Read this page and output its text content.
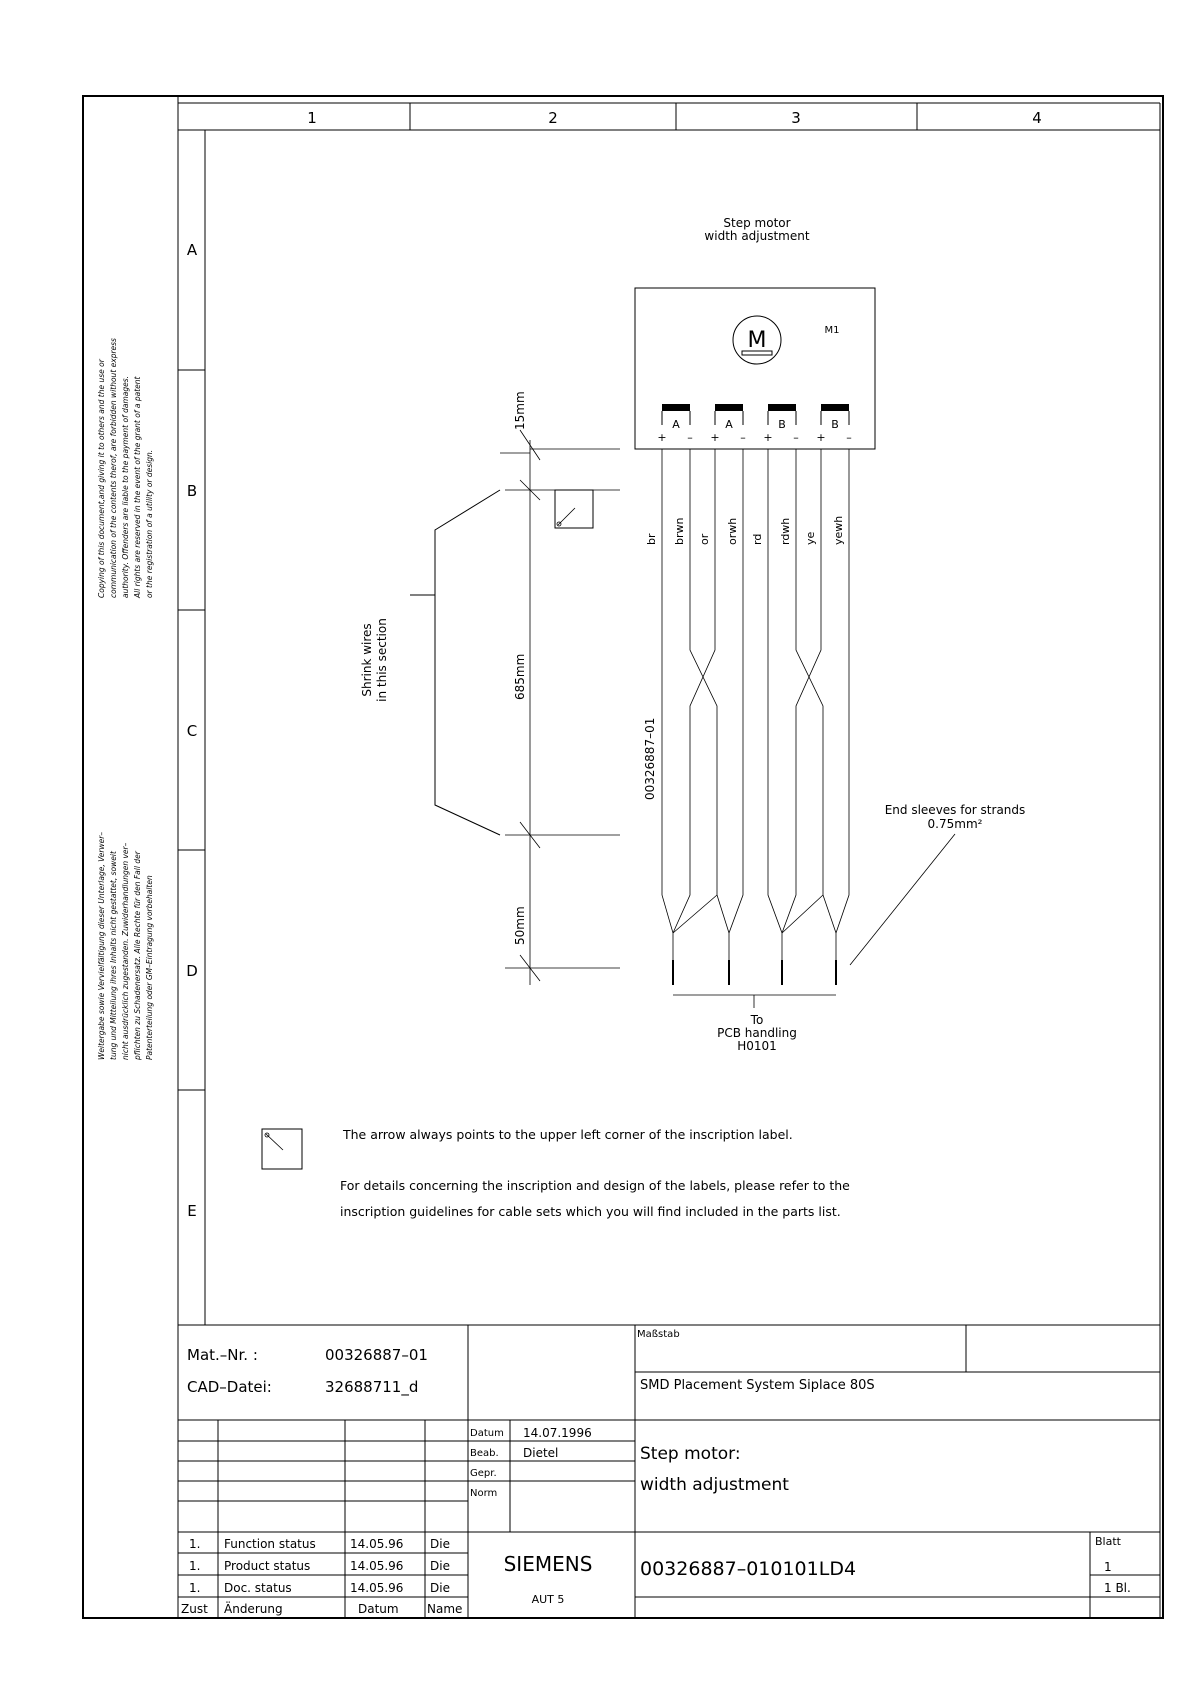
1	2	3	4
A
B
C
D
E
Copying of this document,and giving it to others and the use or communication of the contents therof, are forbidden without express authority. Offenders are liable to the payment of damages. All rights are reserved in the event of the grant of a patent or the registration of a utility or design.
Weitergabe sowie Vervielfältigung dieser Unterlage, Verwer– tung und Mitteilung ihres Inhalts nicht gestattet, soweit nicht ausdrücklich zugestanden. Zuwiderhandlungen ver– pflichten zu Schadenersatz. Alle Rechte für den Fall der Patenterteilung oder GM–Eintragung vorbehalten
Step motor
width adjustment
M	M1
A
+ –
A
+ –
B
+ –
B
+ –
br brwn or orwh rd rdwh ye yewh
00326887–01
15mm
685mm
50mm
Shrink wires in this section
End sleeves for strands
0.75mm²
To
PCB handling
H0101
The arrow always points to the upper left corner of the inscription label.
For details concerning the inscription and design of the labels, please refer to the
inscription guidelines for cable sets which you will find included in the parts list.
Mat.–Nr. :	00326887–01
CAD–Datei:	32688711_d
Maßstab
SMD Placement System Siplace 80S
Datum 14.07.1996
Beab. Dietel
Gepr.
Norm
Step motor:
width adjustment
SIEMENS
AUT 5
00326887–010101LD4
Blatt
1
1 Bl.
1. Function status	14.05.96 Die
1. Product status	14.05.96 Die
1. Doc. status	14.05.96 Die
Zust Änderung	Datum Name
